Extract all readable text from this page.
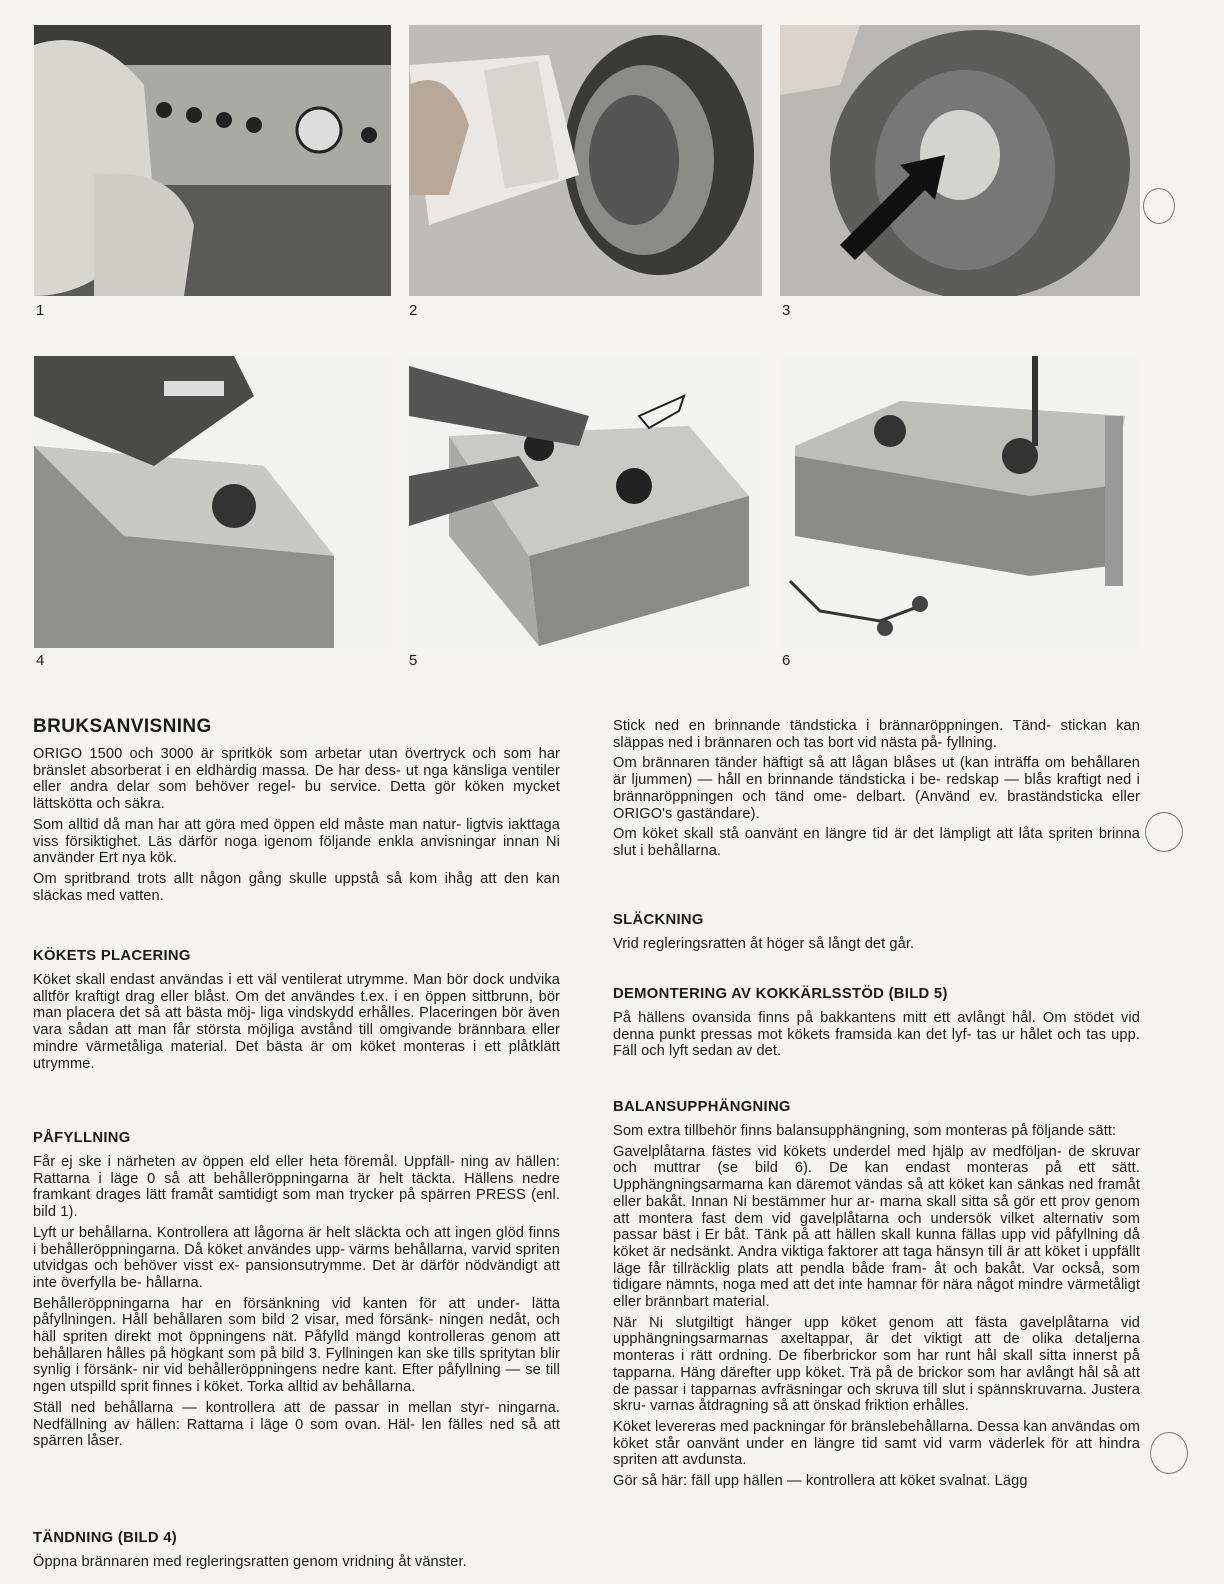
1	2	3
4	5	6
BRUKSANVISNING

ORIGO 1500 och 3000 är spritkök som arbetar utan övertryck och som har bränslet absorberat i en eldhärdig massa. De har dess- ut nga känsliga ventiler eller andra delar som behöver regel- bu service. Detta gör köken mycket lättskötta och säkra.

Som alltid då man har att göra med öppen eld måste man natur- ligtvis iakttaga viss försiktighet. Läs därför noga igenom följande enkla anvisningar innan Ni använder Ert nya kök.

Om spritbrand trots allt någon gång skulle uppstå så kom ihåg att den kan släckas med vatten.

KÖKETS PLACERING

Köket skall endast användas i ett väl ventilerat utrymme. Man bör dock undvika alltför kraftigt drag eller blåst. Om det användes t.ex. i en öppen sittbrunn, bör man placera det så att bästa möj- liga vindskydd erhålles. Placeringen bör även vara sådan att man får största möjliga avstånd till omgivande brännbara eller mindre värmetåliga material. Det bästa är om köket monteras i ett plåtklätt utrymme.

PÅFYLLNING

Får ej ske i närheten av öppen eld eller heta föremål. Uppfäll- ning av hällen: Rattarna i läge 0 så att behålleröppningarna är helt täckta. Hällens nedre framkant drages lätt framåt samtidigt som man trycker på spärren PRESS (enl. bild 1).

Lyft ur behållarna. Kontrollera att lågorna är helt släckta och att ingen glöd finns i behålleröppningarna. Då köket användes upp- värms behållarna, varvid spriten utvidgas och behöver visst ex- pansionsutrymme. Det är därför nödvändigt att inte överfylla be- hållarna.

Behålleröppningarna har en försänkning vid kanten för att under- lätta påfyllningen. Håll behållaren som bild 2 visar, med försänk- ningen nedåt, och häll spriten direkt mot öppningens nät. Påfylld mängd kontrolleras genom att behållaren hålles på högkant som på bild 3. Fyllningen kan ske tills spritytan blir synlig i försänk- nir vid behålleröppningens nedre kant. Efter påfyllning — se till ngen utspilld sprit finnes i köket. Torka alltid av behållarna.

Ställ ned behållarna — kontrollera att de passar in mellan styr- ningarna. Nedfällning av hällen: Rattarna i läge 0 som ovan. Häl- len fälles ned så att spärren låser.

TÄNDNING (BILD 4)

Öppna brännaren med regleringsratten genom vridning åt vänster.

Stick ned en brinnande tändsticka i brännaröppningen. Tänd- stickan kan släppas ned i brännaren och tas bort vid nästa på- fyllning.

Om brännaren tänder häftigt så att lågan blåses ut (kan inträffa om behållaren är ljummen) — håll en brinnande tändsticka i be- redskap — blås kraftigt ned i brännaröppningen och tänd ome- delbart. (Använd ev. braständsticka eller ORIGO's gaständare).

Om köket skall stå oanvänt en längre tid är det lämpligt att låta spriten brinna slut i behållarna.

SLÄCKNING

Vrid regleringsratten åt höger så långt det går.

DEMONTERING AV KOKKÄRLSSTÖD (BILD 5)

På hällens ovansida finns på bakkantens mitt ett avlångt hål. Om stödet vid denna punkt pressas mot kökets framsida kan det lyf- tas ur hålet och tas upp. Fäll och lyft sedan av det.

BALANSUPPHÄNGNING

Som extra tillbehör finns balansupphängning, som monteras på följande sätt:

Gavelplåtarna fästes vid kökets underdel med hjälp av medföljan- de skruvar och muttrar (se bild 6). De kan endast monteras på ett sätt. Upphängningsarmarna kan däremot vändas så att köket kan sänkas ned framåt eller bakåt. Innan Ni bestämmer hur ar- marna skall sitta så gör ett prov genom att montera fast dem vid gavelplåtarna och undersök vilket alternativ som passar bäst i Er båt. Tänk på att hällen skall kunna fällas upp vid påfyllning då köket är nedsänkt. Andra viktiga faktorer att taga hänsyn till är att köket i uppfällt läge får tillräcklig plats att pendla både fram- åt och bakåt. Var också, som tidigare nämnts, noga med att det inte hamnar för nära något mindre värmetåligt eller brännbart material.

När Ni slutgiltigt hänger upp köket genom att fästa gavelplåtarna vid upphängningsarmarnas axeltappar, är det viktigt att de olika detaljerna monteras i rätt ordning. De fiberbrickor som har runt hål skall sitta innerst på tapparna. Häng därefter upp köket. Trä på de brickor som har avlångt hål så att de passar i tapparnas avfräsningar och skruva till slut i spännskruvarna. Justera skru- varnas åtdragning så att önskad friktion erhålles.

Köket levereras med packningar för bränslebehållarna. Dessa kan användas om köket står oanvänt under en längre tid samt vid varm väderlek för att hindra spriten att avdunsta.

Gör så här: fäll upp hällen — kontrollera att köket svalnat. Lägg
